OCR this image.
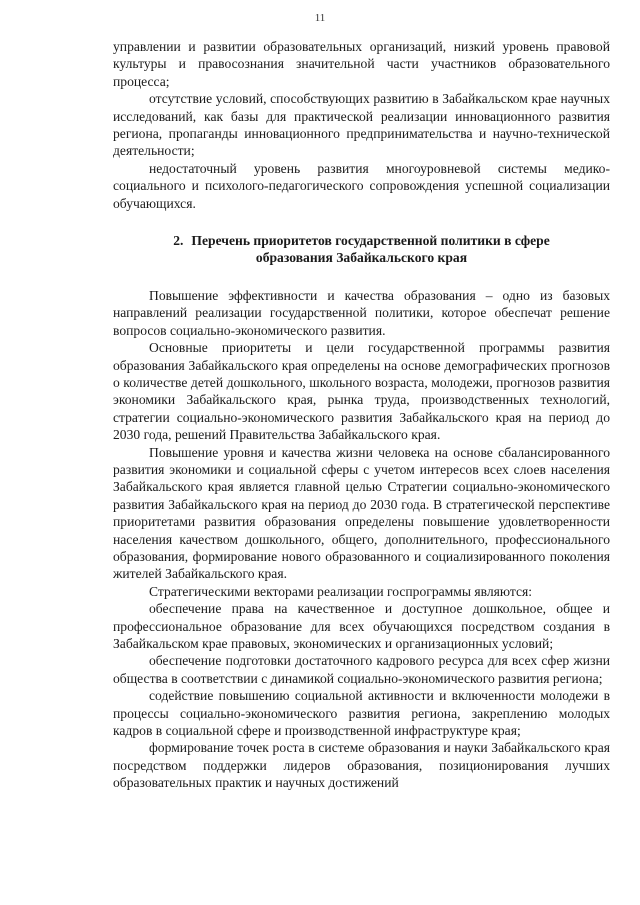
11

управлении и развитии образовательных организаций, низкий уровень правовой культуры и правосознания значительной части участников образовательного процесса;

отсутствие условий, способствующих развитию в Забайкальском крае научных исследований, как базы для практической реализации инновационного развития региона, пропаганды инновационного предпринимательства и научно-технической деятельности;

недостаточный уровень развития многоуровневой системы медико-социального и психолого-педагогического сопровождения успешной социализации обучающихся.

2. Перечень приоритетов государственной политики в сфере
образования Забайкальского края

Повышение эффективности и качества образования – одно из базовых направлений реализации государственной политики, которое обеспечат решение вопросов социально-экономического развития.

Основные приоритеты и цели государственной программы развития образования Забайкальского края определены на основе демографических прогнозов о количестве детей дошкольного, школьного возраста, молодежи, прогнозов развития экономики Забайкальского края, рынка труда, производственных технологий, стратегии социально-экономического развития Забайкальского края на период до 2030 года, решений Правительства Забайкальского края.

Повышение уровня и качества жизни человека на основе сбалансированного развития экономики и социальной сферы с учетом интересов всех слоев населения Забайкальского края является главной целью Стратегии социально-экономического развития Забайкальского края на период до 2030 года. В стратегической перспективе приоритетами развития образования определены повышение удовлетворенности населения качеством дошкольного, общего, дополнительного, профессионального образования, формирование нового образованного и социализированного поколения жителей Забайкальского края.

Стратегическими векторами реализации госпрограммы являются:

обеспечение права на качественное и доступное дошкольное, общее и профессиональное образование для всех обучающихся посредством создания в Забайкальском крае правовых, экономических и организационных условий;

обеспечение подготовки достаточного кадрового ресурса для всех сфер жизни общества в соответствии с динамикой социально-экономического развития региона;

содействие повышению социальной активности и включенности молодежи в процессы социально-экономического развития региона, закреплению молодых кадров в социальной сфере и производственной инфраструктуре края;

формирование точек роста в системе образования и науки Забайкальского края посредством поддержки лидеров образования, позиционирования лучших образовательных практик и научных достижений
